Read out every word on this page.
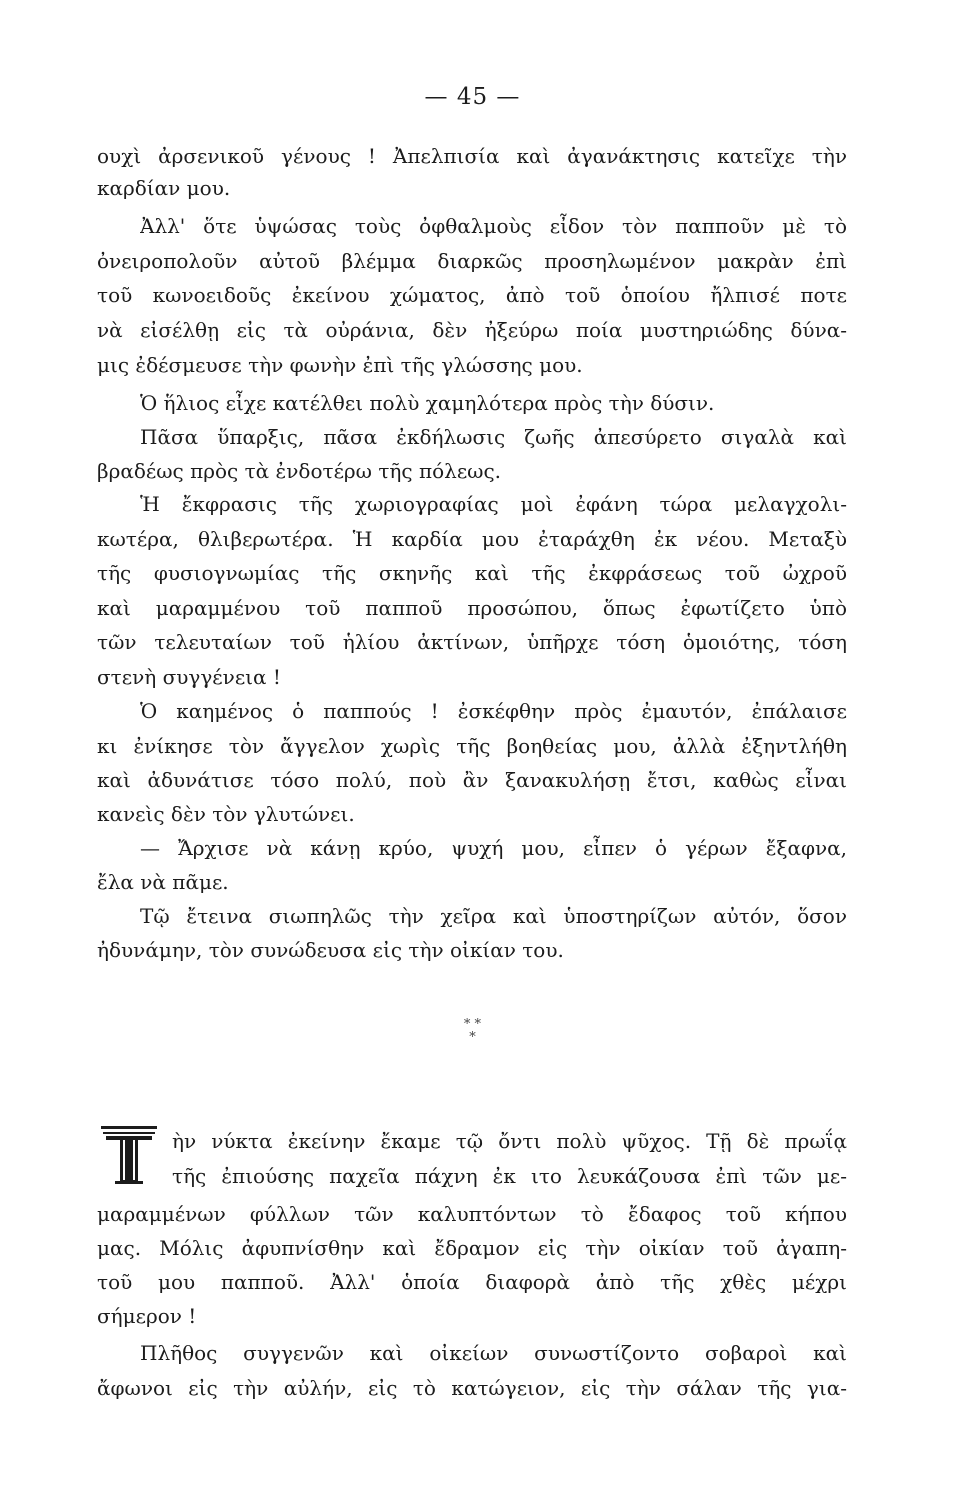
— 45 —
ουχὶ ἀρσενικοῦ γένους ! Ἀπελπισία καὶ ἀγανάκτησις κατεῖχε τὴν
καρδίαν μου.
Ἀλλ' ὅτε ὑψώσας τοὺς ὀφθαλμοὺς εἶδον τὸν παπποῦν μὲ τὸ
ὀνειροπολοῦν αὐτοῦ βλέμμα διαρκῶς προσηλωμένον μακρὰν ἐπὶ
τοῦ κωνοειδοῦς ἐκείνου χώματος, ἀπὸ τοῦ ὁποίου ἤλπισέ ποτε
νὰ εἰσέλθῃ εἰς τὰ οὐράνια, δὲν ἠξεύρω ποία μυστηριώδης δύνα-
μις ἐδέσμευσε τὴν φωνὴν ἐπὶ τῆς γλώσσης μου.
Ὁ ἥλιος εἶχε κατέλθει πολὺ χαμηλότερα πρὸς τὴν δύσιν.
Πᾶσα ὕπαρξις, πᾶσα ἐκδήλωσις ζωῆς ἀπεσύρετο σιγαλὰ καὶ
βραδέως πρὸς τὰ ἐνδοτέρω τῆς πόλεως.
Ἡ ἔκφρασις τῆς χωριογραφίας μοὶ ἐφάνη τώρα μελαγχολι-
κωτέρα, θλιβερωτέρα. Ἡ καρδία μου ἐταράχθη ἐκ νέου. Μεταξὺ
τῆς φυσιογνωμίας τῆς σκηνῆς καὶ τῆς ἐκφράσεως τοῦ ὠχροῦ
καὶ μαραμμένου τοῦ παπποῦ προσώπου, ὅπως ἐφωτίζετο ὑπὸ
τῶν τελευταίων τοῦ ἡλίου ἀκτίνων, ὑπῆρχε τόση ὁμοιότης, τόση
στενὴ συγγένεια !
Ὁ καημένος ὁ παππούς ! ἐσκέφθην πρὸς ἐμαυτόν, ἐπάλαισε
κι ἐνίκησε τὸν ἄγγελον χωρὶς τῆς βοηθείας μου, ἀλλὰ ἐξηντλήθη
καὶ ἀδυνάτισε τόσο πολύ, ποὺ ἂν ξανακυλήσῃ ἔτσι, καθὼς εἶναι
κανεὶς δὲν τὸν γλυτώνει.
— Ἄρχισε νὰ κάνῃ κρύο, ψυχή μου, εἶπεν ὁ γέρων ἔξαφνα,
ἔλα νὰ πᾶμε.
Τῷ ἔτεινα σιωπηλῶς τὴν χεῖρα καὶ ὑποστηρίζων αὐτόν, ὅσον
ἠδυνάμην, τὸν συνώδευσα εἰς τὴν οἰκίαν του.
* *
*
ὴν νύκτα ἐκείνην ἔκαμε τῷ ὄντι πολὺ ψῦχος. Τῇ δὲ πρωΐᾳ
τῆς ἐπιούσης παχεῖα πάχνη ἐκ ιτο λευκάζουσα ἐπὶ τῶν με-
μαραμμένων φύλλων τῶν καλυπτόντων τὸ ἔδαφος τοῦ κήπου
μας. Μόλις ἀφυπνίσθην καὶ ἔδραμον εἰς τὴν οἰκίαν τοῦ ἀγαπη-
τοῦ μου παπποῦ. Ἀλλ' ὁποία διαφορὰ ἀπὸ τῆς χθὲς μέχρι
σήμερον !
Πλῆθος συγγενῶν καὶ οἰκείων συνωστίζοντο σοβαροὶ καὶ
ἄφωνοι εἰς τὴν αὐλήν, εἰς τὸ κατώγειον, εἰς τὴν σάλαν τῆς για-
